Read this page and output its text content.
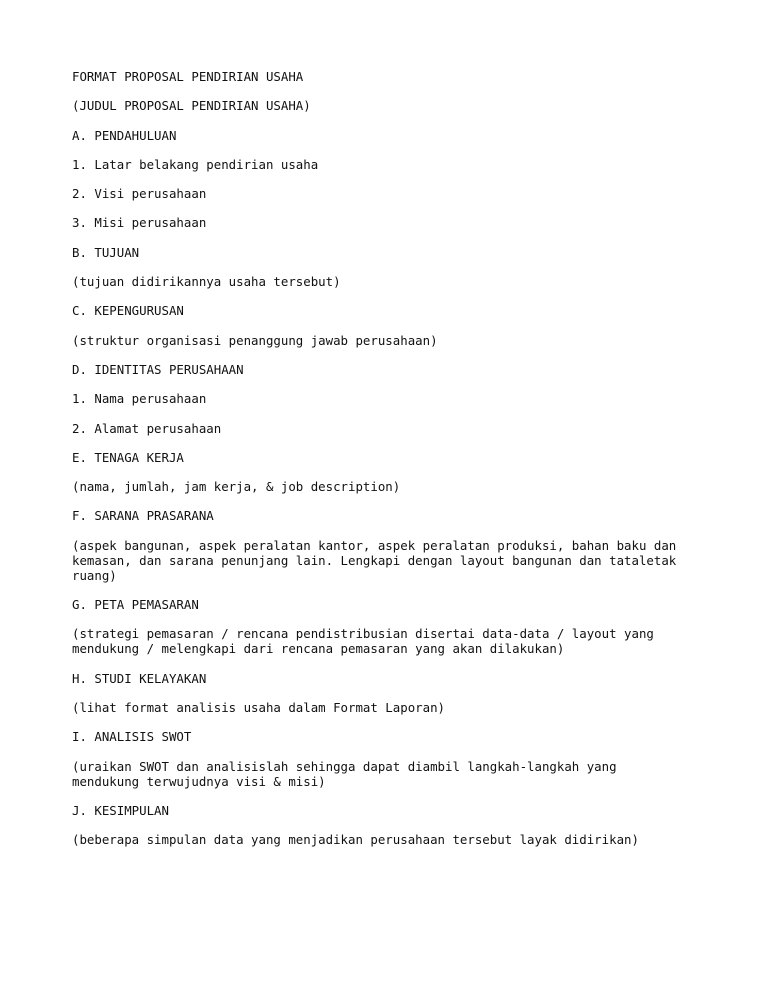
FORMAT PROPOSAL PENDIRIAN USAHA

(JUDUL PROPOSAL PENDIRIAN USAHA)

A. PENDAHULUAN

1. Latar belakang pendirian usaha

2. Visi perusahaan

3. Misi perusahaan

B. TUJUAN

(tujuan didirikannya usaha tersebut)

C. KEPENGURUSAN

(struktur organisasi penanggung jawab perusahaan)

D. IDENTITAS PERUSAHAAN

1. Nama perusahaan

2. Alamat perusahaan

E. TENAGA KERJA

(nama, jumlah, jam kerja, & job description)

F. SARANA PRASARANA

(aspek bangunan, aspek peralatan kantor, aspek peralatan produksi, bahan baku dan
kemasan, dan sarana penunjang lain. Lengkapi dengan layout bangunan dan tataletak
ruang)

G. PETA PEMASARAN

(strategi pemasaran / rencana pendistribusian disertai data-data / layout yang
mendukung / melengkapi dari rencana pemasaran yang akan dilakukan)

H. STUDI KELAYAKAN

(lihat format analisis usaha dalam Format Laporan)

I. ANALISIS SWOT

(uraikan SWOT dan analisislah sehingga dapat diambil langkah-langkah yang
mendukung terwujudnya visi & misi)

J. KESIMPULAN

(beberapa simpulan data yang menjadikan perusahaan tersebut layak didirikan)
